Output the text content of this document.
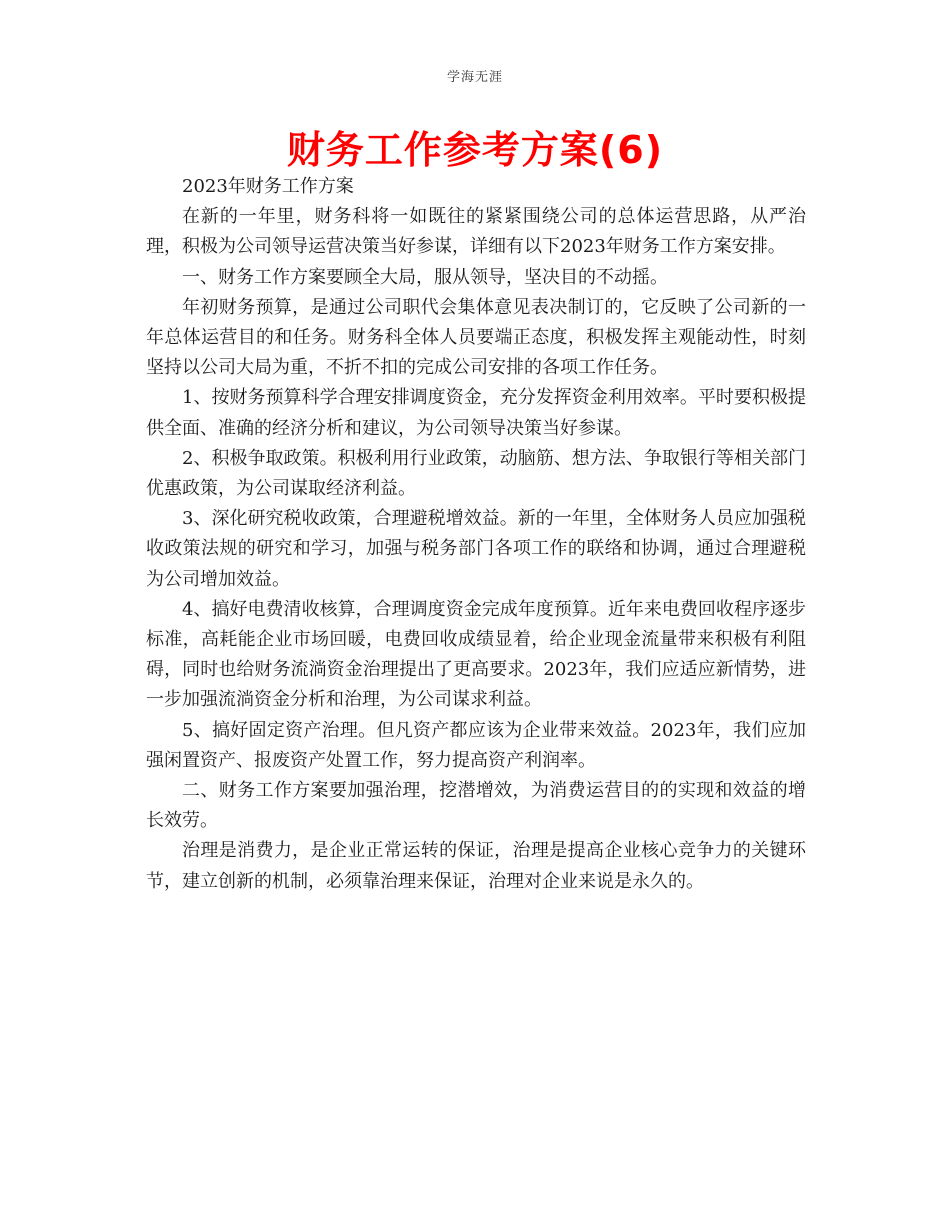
学海无涯
财务工作参考方案(6)

2023年财务工作方案

在新的一年里，财务科将一如既往的紧紧围绕公司的总体运营思路，从严治理，积极为公司领导运营决策当好参谋，详细有以下2023年财务工作方案安排。

一、财务工作方案要顾全大局，服从领导，坚决目的不动摇。

年初财务预算，是通过公司职代会集体意见表决制订的，它反映了公司新的一年总体运营目的和任务。财务科全体人员要端正态度，积极发挥主观能动性，时刻坚持以公司大局为重，不折不扣的完成公司安排的各项工作任务。

1、按财务预算科学合理安排调度资金，充分发挥资金利用效率。平时要积极提供全面、准确的经济分析和建议，为公司领导决策当好参谋。

2、积极争取政策。积极利用行业政策，动脑筋、想方法、争取银行等相关部门优惠政策，为公司谋取经济利益。

3、深化研究税收政策，合理避税增效益。新的一年里，全体财务人员应加强税收政策法规的研究和学习，加强与税务部门各项工作的联络和协调，通过合理避税为公司增加效益。

4、搞好电费清收核算，合理调度资金完成年度预算。近年来电费回收程序逐步标准，高耗能企业市场回暖，电费回收成绩显着，给企业现金流量带来积极有利阻碍，同时也给财务流淌资金治理提出了更高要求。2023年，我们应适应新情势，进一步加强流淌资金分析和治理，为公司谋求利益。

5、搞好固定资产治理。但凡资产都应该为企业带来效益。2023年，我们应加强闲置资产、报废资产处置工作，努力提高资产利润率。

二、财务工作方案要加强治理，挖潜增效，为消费运营目的的实现和效益的增长效劳。

治理是消费力，是企业正常运转的保证，治理是提高企业核心竞争力的关键环节，建立创新的机制，必须靠治理来保证，治理对企业来说是永久的。
